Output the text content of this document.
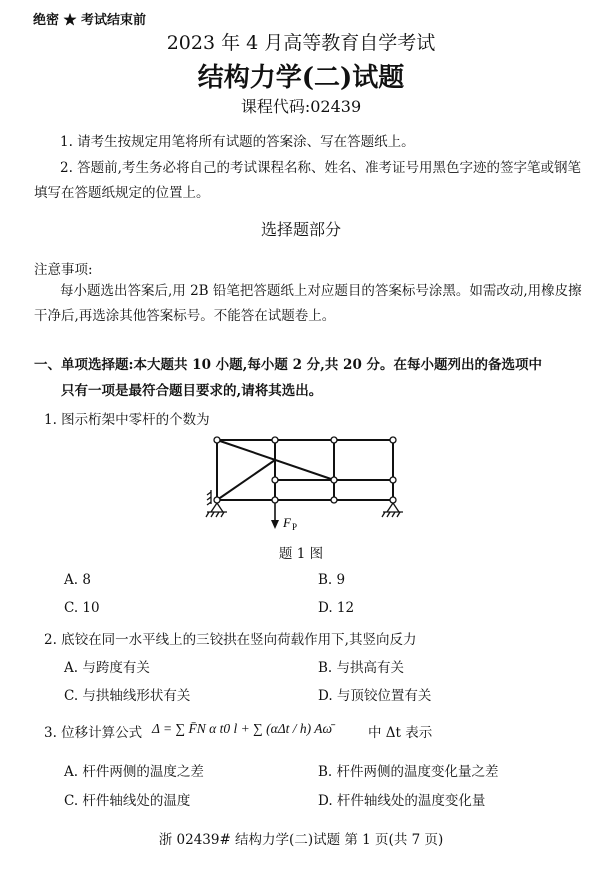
绝密 ★ 考试结束前
2023 年 4 月高等教育自学考试
结构力学(二)试题
课程代码:02439
1. 请考生按规定用笔将所有试题的答案涂、写在答题纸上。
2. 答题前,考生务必将自己的考试课程名称、姓名、准考证号用黑色字迹的签字笔或钢笔填写在答题纸规定的位置上。
选择题部分
注意事项:
每小题选出答案后,用 2B 铅笔把答题纸上对应题目的答案标号涂黑。如需改动,用橡皮擦干净后,再选涂其他答案标号。不能答在试题卷上。
一、单项选择题:本大题共 10 小题,每小题 2 分,共 20 分。在每小题列出的备选项中
只有一项是最符合题目要求的,请将其选出。
1. 图示桁架中零杆的个数为
F P
题 1 图
A. 8	B. 9
C. 10	D. 12
2. 底铰在同一水平线上的三铰拱在竖向荷载作用下,其竖向反力
A. 与跨度有关	B. 与拱高有关
C. 与拱轴线形状有关	D. 与顶铰位置有关
3. 位移计算公式 Δ = ∑ F̄N α t0 l + ∑ (αΔt / h) Aω̄	中 Δt 表示
A. 杆件两侧的温度之差	B. 杆件两侧的温度变化量之差
C. 杆件轴线处的温度	D. 杆件轴线处的温度变化量
浙 02439# 结构力学(二)试题 第 1 页(共 7 页)
